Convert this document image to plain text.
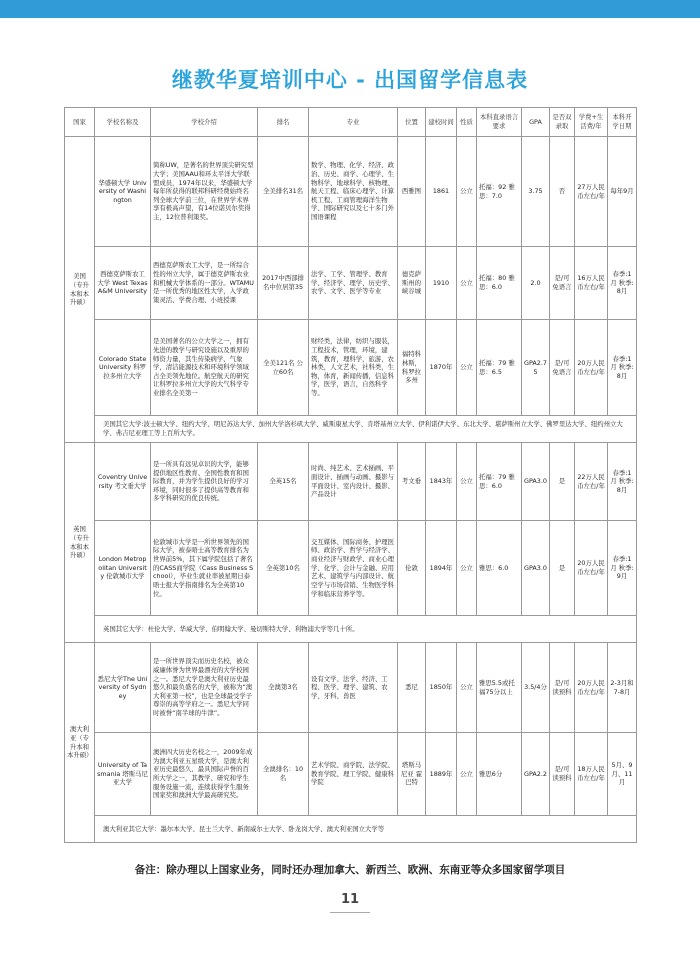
继教华夏培训中心 - 出国留学信息表
国家	学校名称及	学校介绍	排名	专业	位置	建校时间	性质	本科直录语言要求	GPA	是否双录取	学费+生活费/年	本科开学日期
美国（专升本和本升硕）	华盛顿大学 University of Washington	简称UW，是著名的世界顶尖研究型大学；美国AAU和环太平洋大学联盟成员，1974年以来，华盛顿大学每年所获得的联邦科研经费始终名列全球大学前三位，在世界学术界享有极高声望，有14位诺贝尔奖得主，12位普利策奖。	全美排名31名	数学、物理、化学、经济、政治、历史、商学、心理学、生物科学、地球科学、核物理、航天工程、临床心理学、计算机工程、工商管理海洋生物学、国际研究以及七十多门外国语课程	西雅图	1861	公立	托福：92 雅思：7.0	3.75	否	27万人民币左右/年	每年9月
	西德克萨斯农工大学 West Texas A&M University	西德克萨斯农工大学，是一所综合性的州立大学，属于德克萨斯农业和机械大学体系的一部分。WTAMU是一所优秀的地区性大学，入学政策灵活、学费合理、小班授课	2017中西部排名中位居第35	法学、工学、管理学、教育学、经济学、理学、历史学、农学、文学、医学等专业	德克萨斯州的峡谷城	1910	公立	托福：80 雅思：6.0	2.0	是/可免语言	16万人民币左右/年	春季:1月 秋季:8月
	Colorado State University 科罗拉多州立大学	是美国著名的公立大学之一，拥有先进的教学与研究设施以及重厚的师资力量，其生传染病学、气象学，清洁能源技术和环境科学领域占全美领先地位。航空航天的研究让科罗拉多州立大学的大气科学专业排名全美第一	全美121名 公立60名	财经类，法律，纺织与服装，工程技术，管理，环境，建筑，教育，理科学，旅游，农林类，人文艺术，社科类，生物，体育，新闻传播，信息科学，医学，语言，自然科学等。	福特科林斯，科罗拉多州	1870年	公立	托福：79 雅思：6.5	GPA2.75	是/可免语言	20万人民币左右/年	春季:1月 秋季:8月
	美国其它大学:波士顿大学、纽约大学、明尼苏达大学、加州大学洛杉矶大学、威斯康星大学、肯塔基州立大学、伊利诺伊大学、东北大学、堪萨斯州立大学、佛罗里达大学、纽约州立大学、弗吉尼亚理工等上百所大学。											
英国（专升本和本升硕）	Coventry University 考文垂大学	是一所具有远见卓识的大学，能够提供地区性教育、全国性教育和国际教育，并为学生提供良好的学习环境，同时很多了提供高等教育和多学科研究的优良传统。	全英15名	时尚、纯艺术、艺术插画、平面设计、插画与动画、摄影与平面设计、室内设计、摄影、产品设计	考文垂	1843年	公立	托福：79 雅思：6.0	GPA3.0	是	22万人民币左右/年	春季:1月 秋季:8月
	London Metropolitan University 伦敦城市大学	伦敦城市大学是一所世界领先的国际大学，被泰晤士高等教育排名为世界前5%，其下属学院包括了著名的CASS商学院（Cass Business School），毕业生就业率被星期日泰晤士报大学指南排名为全英第10位。	全英第10名	交互媒体、国际商务、护理医师、政治学、哲学与经济学、商业经济与财政学、商业心理学、化学、会计与金融、应用艺术、建筑学与内部设计、航空学与市场营销、生物医学科学和临床营养学等。	伦敦	1894年	公立	雅思：6.0	GPA3.0	是	20万人民币左右/年	春季:1月 秋季:9月
	英国其它大学：杜伦大学、华威大学、伯明翰大学、曼切斯特大学、利物浦大学等几十所。											
澳大利亚（专升本和本升硕）	悉尼大学The University of Sydney	是一所世界顶尖而历史名校，被众威廉体誉为世界最漂亮的大学校园之一。悉尼大学是澳大利亚历史最悠久和最负盛名的大学，被称为“澳大利亚第一校”，也是全球最受学子尊崇的高等学府之一。悉尼大学同时被誉“南半球的牛津”。	全澳第3名	设有文学、法学、经济、工程、医学、理学、建筑、农学、牙科、兽医	悉尼	1850年	公立	雅思5.5或托福75分以上	3.5/4分	是/可读预科	20万人民币左右/年	2-3月和7-8月
	University of Tasmania 塔斯马尼亚大学	澳洲四大历史名校之一，2009年成为澳大利亚五星级大学，是澳大利亚历史最悠久、最具国际声誉的百所大学之一，其教学、研究和学生服务设施一流，连续获得学生服务国家奖和澳洲大学最高研究奖。	全澳排名：10名	艺术学院、商学院、法学院、教育学院、理工学院、健康科学院	塔斯马尼亚 霍巴特	1889年	公立	雅思6分	GPA2.2	是/可读预科	18万人民币左右/年	5月、9月、11月
	澳大利亚其它大学：墨尔本大学、昆士兰大学、新南威尔士大学、卧龙岗大学、澳大利亚国立大学等											
备注：除办理以上国家业务，同时还办理加拿大、新西兰、欧洲、东南亚等众多国家留学项目
11
